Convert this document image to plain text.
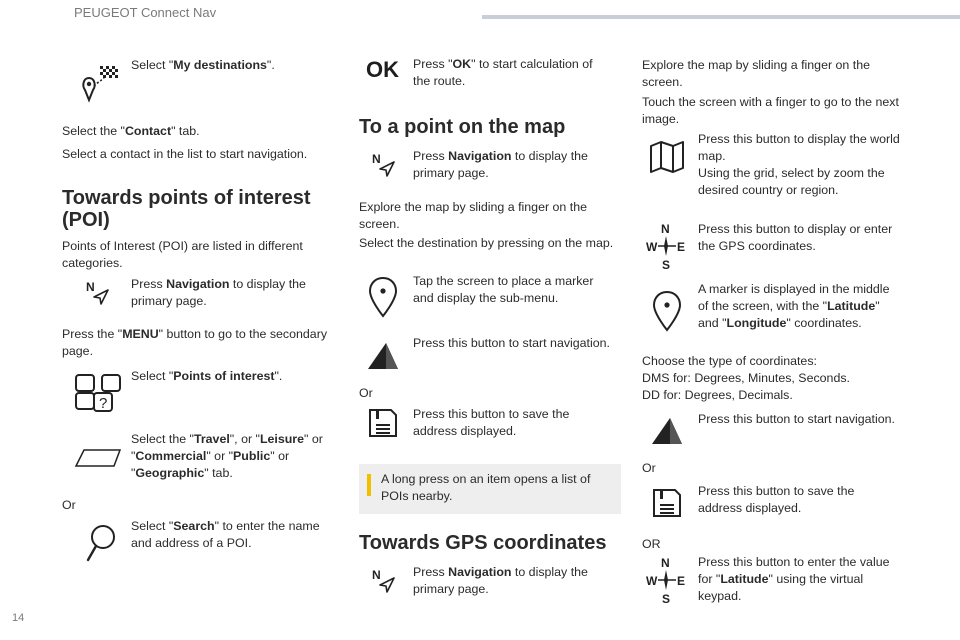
PEUGEOT Connect Nav
14
Select "My destinations".
Select the "Contact" tab.
Select a contact in the list to start navigation.
Towards points of interest
(POI)
Points of Interest (POI) are listed in different categories.
N	Press Navigation to display the primary page.
Press the "MENU" button to go to the secondary page.
?
Select "Points of interest".
Select the "Travel", or "Leisure" or "Commercial" or "Public" or "Geographic" tab.
Or
Select "Search" to enter the name and address of a POI.
OK Press "OK" to start calculation of the route.
To a point on the map
N	Press Navigation to display the primary page.
Explore the map by sliding a finger on the screen.
Select the destination by pressing on the map.
Tap the screen to place a marker and display the sub-menu.
Press this button to start navigation.
Or
Press this button to save the address displayed.
A long press on an item opens a list of POIs nearby.
Towards GPS coordinates
N	Press Navigation to display the primary page.
Explore the map by sliding a finger on the screen.
Touch the screen with a finger to go to the next image.
Press this button to display the world map.
Using the grid, select by zoom the desired country or region.
N
W E
S
Press this button to display or enter the GPS coordinates.
A marker is displayed in the middle of the screen, with the "Latitude" and "Longitude" coordinates.
Choose the type of coordinates:
DMS for: Degrees, Minutes, Seconds.
DD for: Degrees, Decimals.
Press this button to start navigation.
Or
Press this button to save the address displayed.
OR
N
W E
S
Press this button to enter the value for "Latitude" using the virtual keypad.
